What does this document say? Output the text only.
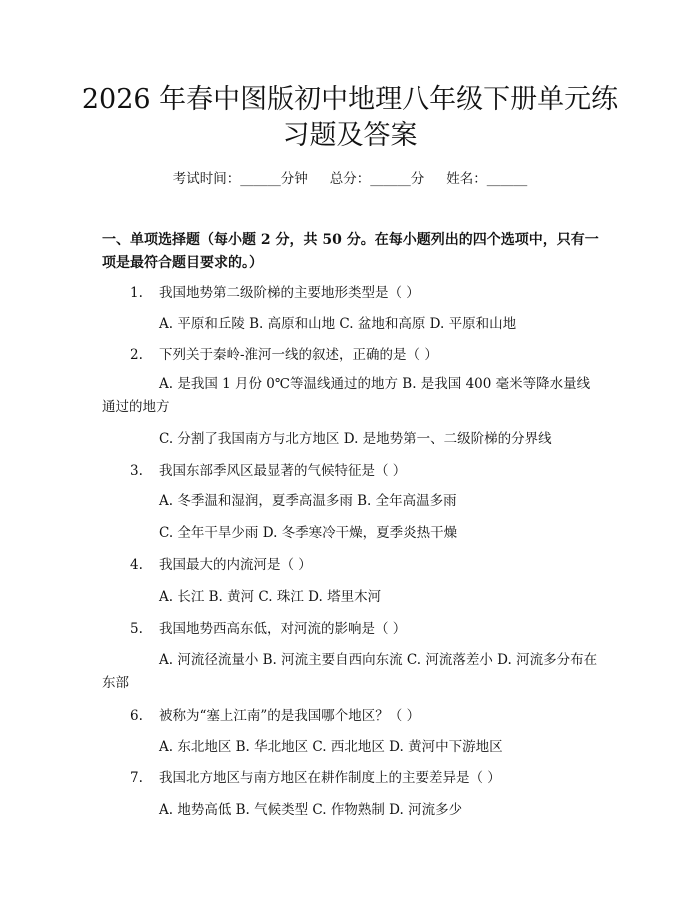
2026 年春中图版初中地理八年级下册单元练
习题及答案
考试时间：______分钟 总分：______分 姓名：______
一、单项选择题（每小题 2 分，共 50 分。在每小题列出的四个选项中，只有一项是最符合题目要求的。）
1. 我国地势第二级阶梯的主要地形类型是（ ）
A. 平原和丘陵 B. 高原和山地 C. 盆地和高原 D. 平原和山地
2. 下列关于秦岭-淮河一线的叙述，正确的是（ ）
A. 是我国 1 月份 0℃等温线通过的地方 B. 是我国 400 毫米等降水量线通过的地方
C. 分割了我国南方与北方地区 D. 是地势第一、二级阶梯的分界线
3. 我国东部季风区最显著的气候特征是（ ）
A. 冬季温和湿润，夏季高温多雨 B. 全年高温多雨
C. 全年干旱少雨 D. 冬季寒冷干燥，夏季炎热干燥
4. 我国最大的内流河是（ ）
A. 长江 B. 黄河 C. 珠江 D. 塔里木河
5. 我国地势西高东低，对河流的影响是（ ）
A. 河流径流量小 B. 河流主要自西向东流 C. 河流落差小 D. 河流多分布在东部
6. 被称为“塞上江南”的是我国哪个地区？（ ）
A. 东北地区 B. 华北地区 C. 西北地区 D. 黄河中下游地区
7. 我国北方地区与南方地区在耕作制度上的主要差异是（ ）
A. 地势高低 B. 气候类型 C. 作物熟制 D. 河流多少
